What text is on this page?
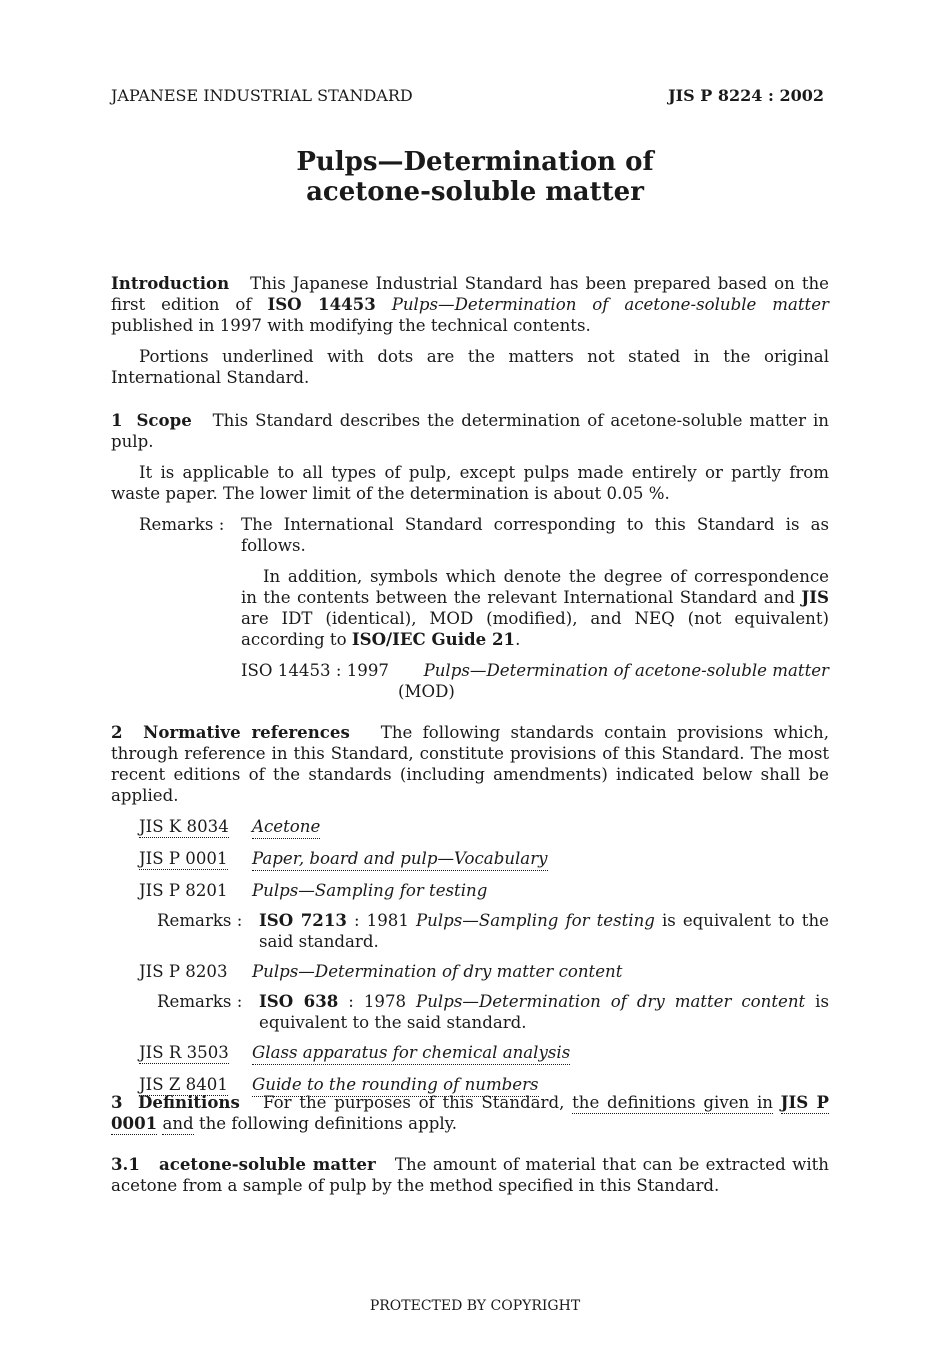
JAPANESE INDUSTRIAL STANDARD	JIS P 8224 : 2002
Pulps—Determination of
acetone-soluble matter

Introduction This Japanese Industrial Standard has been prepared based on the first edition of ISO 14453 Pulps—Determination of acetone-soluble matter published in 1997 with modifying the technical contents.

Portions underlined with dots are the matters not stated in the original International Standard.

1 Scope This Standard describes the determination of acetone-soluble matter in pulp.

It is applicable to all types of pulp, except pulps made entirely or partly from waste paper. The lower limit of the determination is about 0.05 %.

Remarks :	The International Standard corresponding to this Standard is as follows.

In addition, symbols which denote the degree of correspondence in the contents between the relevant International Standard and JIS are IDT (identical), MOD (modified), and NEQ (not equivalent) according to ISO/IEC Guide 21.

ISO 14453 : 1997 Pulps—Determination of acetone-soluble matter
(MOD)

2 Normative references The following standards contain provisions which, through reference in this Standard, constitute provisions of this Standard. The most recent editions of the standards (including amendments) indicated below shall be applied.

JIS K 8034	Acetone
JIS P 0001	Paper, board and pulp—Vocabulary
JIS P 8201	Pulps—Sampling for testing
Remarks :	ISO 7213 : 1981 Pulps—Sampling for testing is equivalent to the said standard.
JIS P 8203	Pulps—Determination of dry matter content
Remarks :	ISO 638 : 1978 Pulps—Determination of dry matter content is equivalent to the said standard.
JIS R 3503	Glass apparatus for chemical analysis
JIS Z 8401	Guide to the rounding of numbers

3 Definitions For the purposes of this Standard, the definitions given in JIS P 0001 and the following definitions apply.

3.1 acetone-soluble matter The amount of material that can be extracted with acetone from a sample of pulp by the method specified in this Standard.

PROTECTED BY COPYRIGHT
